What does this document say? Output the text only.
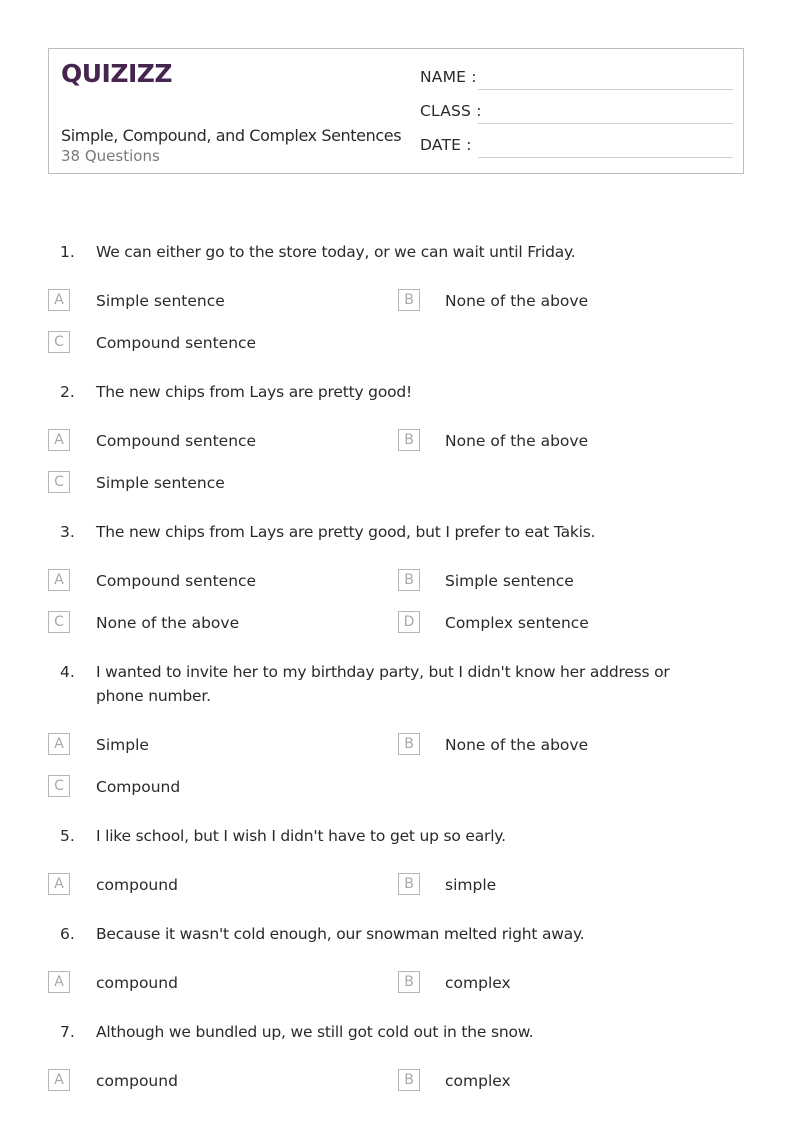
QUIZIZZ
Simple, Compound, and Complex Sentences
38 Questions
NAME :
CLASS :
DATE :
1. We can either go to the store today, or we can wait until Friday.
A	Simple sentence	B	None of the above
C	Compound sentence
2. The new chips from Lays are pretty good!
A	Compound sentence	B	None of the above
C	Simple sentence
3. The new chips from Lays are pretty good, but I prefer to eat Takis.
A	Compound sentence	B	Simple sentence
C	None of the above	D	Complex sentence
4. I wanted to invite her to my birthday party, but I didn't know her address or phone number.
A	Simple	B	None of the above
C	Compound
5. I like school, but I wish I didn't have to get up so early.
A	compound	B	simple
6. Because it wasn't cold enough, our snowman melted right away.
A	compound	B	complex
7. Although we bundled up, we still got cold out in the snow.
A	compound	B	complex
